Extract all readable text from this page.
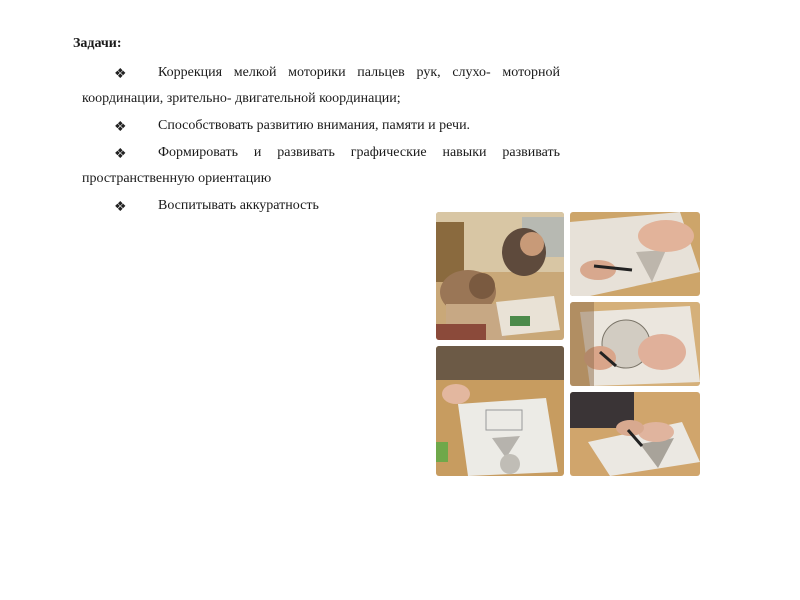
Задачи:
❖ Коррекция мелкой моторики пальцев рук, слухо- моторной
координации, зрительно- двигательной координации;
❖ Способствовать развитию внимания, памяти и речи.
❖ Формировать и развивать графические навыки развивать
пространственную ориентацию
❖ Воспитывать аккуратность
